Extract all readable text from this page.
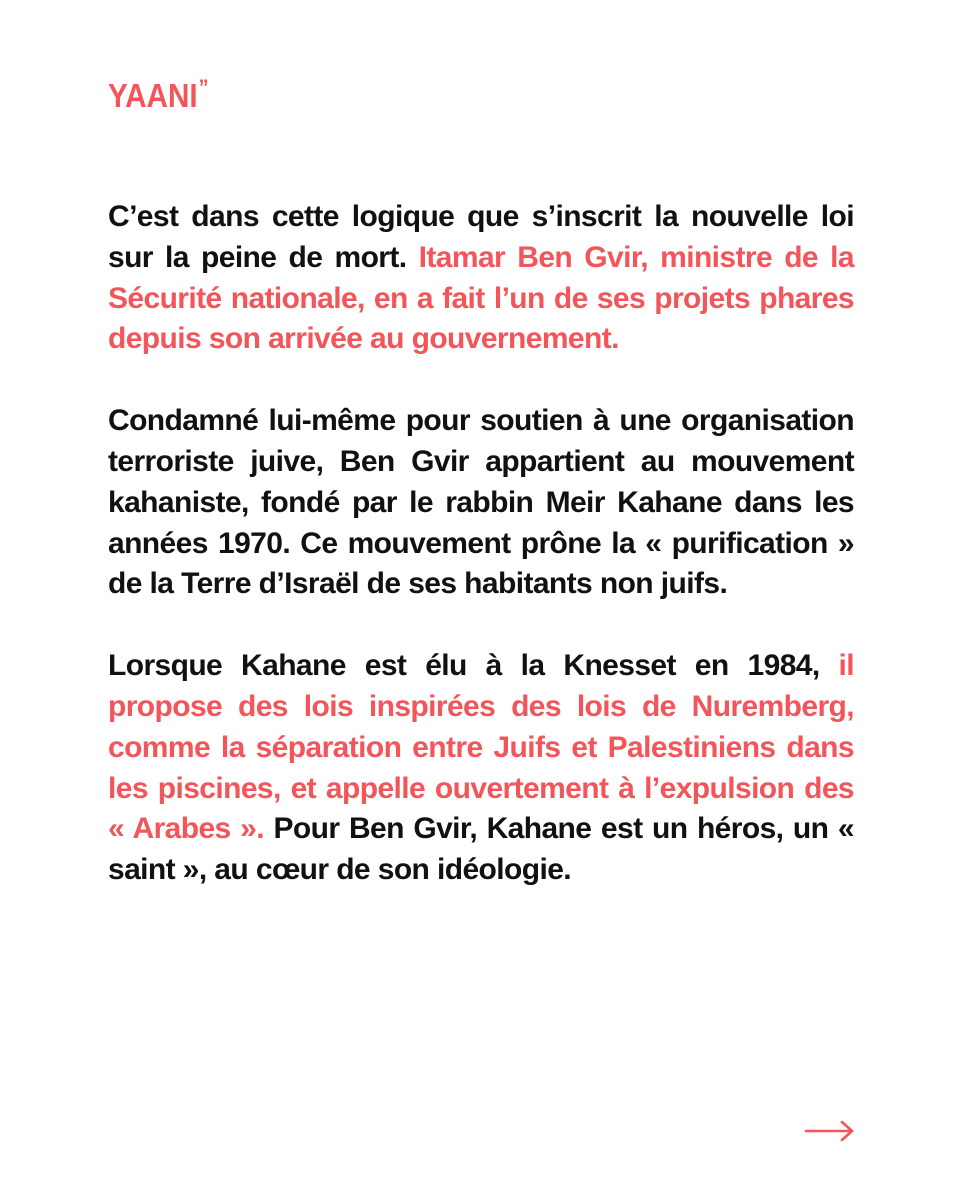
YAANI”

C’est dans cette logique que s’inscrit la nouvelle loi sur la peine de mort. Itamar Ben Gvir, ministre de la Sécurité nationale, en a fait l’un de ses projets phares depuis son arrivée au gouvernement.

Condamné lui-même pour soutien à une organisation terroriste juive, Ben Gvir appartient au mouvement kahaniste, fondé par le rabbin Meir Kahane dans les années 1970. Ce mouvement prône la « purification » de la Terre d’Israël de ses habitants non juifs.

Lorsque Kahane est élu à la Knesset en 1984, il propose des lois inspirées des lois de Nuremberg, comme la séparation entre Juifs et Palestiniens dans les piscines, et appelle ouvertement à l’expulsion des « Arabes ». Pour Ben Gvir, Kahane est un héros, un « saint », au cœur de son idéologie.
